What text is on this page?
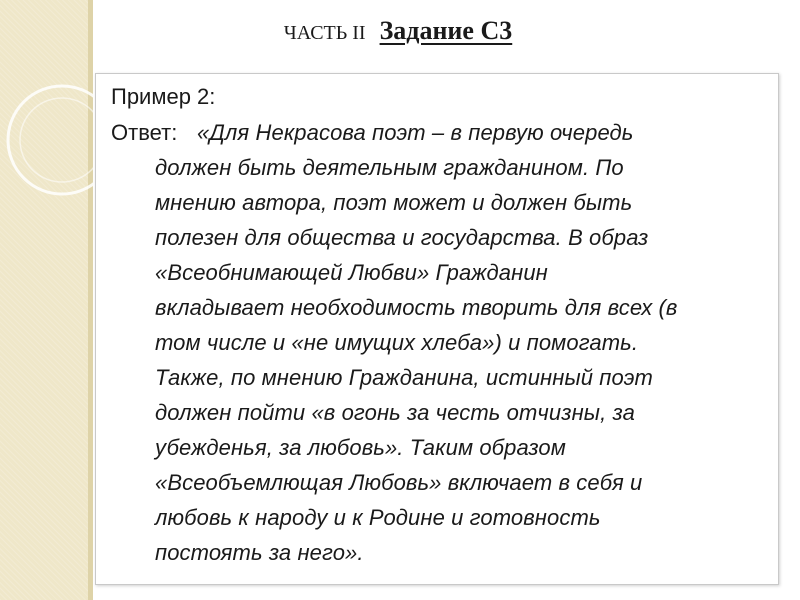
ЧАСТЬ II Задание С3
Пример 2:
Ответ: «Для Некрасова поэт – в первую очередь
должен быть деятельным гражданином. По
мнению автора, поэт может и должен быть
полезен для общества и государства. В образ
«Всеобнимающей Любви» Гражданин
вкладывает необходимость творить для всех (в
том числе и «не имущих хлеба») и помогать.
Также, по мнению Гражданина, истинный поэт
должен пойти «в огонь за честь отчизны, за
убежденья, за любовь». Таким образом
«Всеобъемлющая Любовь» включает в себя и
любовь к народу и к Родине и готовность
постоять за него».
